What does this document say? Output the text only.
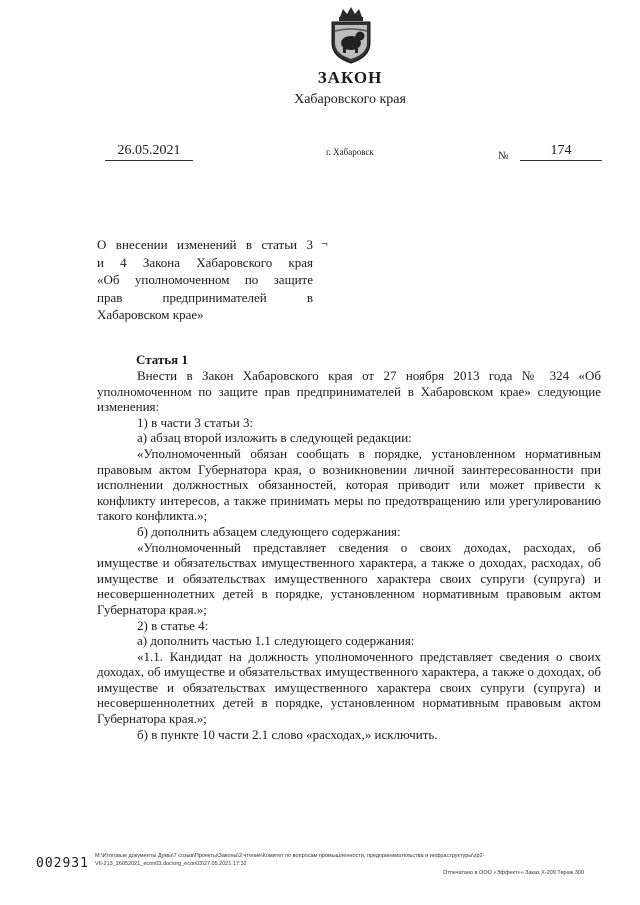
ЗАКОН
Хабаровского края
26.05.2021	г. Хабаровск	№	174
О внесении изменений в статьи 3
и 4 Закона Хабаровского края
«Об уполномоченном по защите
прав предпринимателей в
Хабаровском крае»
¬
Статья 1

Внести в Закон Хабаровского края от 27 ноября 2013 года № 324 «Об уполномоченном по защите прав предпринимателей в Хабаровском крае» следующие изменения:

1) в части 3 статьи 3:

а) абзац второй изложить в следующей редакции:

«Уполномоченный обязан сообщать в порядке, установленном нормативным правовым актом Губернатора края, о возникновении личной заинтересованности при исполнении должностных обязанностей, которая приводит или может привести к конфликту интересов, а также принимать меры по предотвращению или урегулированию такого конфликта.»;

б) дополнить абзацем следующего содержания:

«Уполномоченный представляет сведения о своих доходах, расходах, об имуществе и обязательствах имущественного характера, а также о доходах, расходах, об имуществе и обязательствах имущественного характера своих супруги (супруга) и несовершеннолетних детей в порядке, установленном нормативным правовым актом Губернатора края.»;

2) в статье 4:

а) дополнить частью 1.1 следующего содержания:

«1.1. Кандидат на должность уполномоченного представляет сведения о своих доходах, об имуществе и обязательствах имущественного характера, а также о доходах, об имуществе и обязательствах имущественного характера своих супруги (супруга) и несовершеннолетних детей в порядке, установленном нормативным правовым актом Губернатора края.»;

б) в пункте 10 части 2.1 слово «расходах,» исключить.

002931 M:\Итоговые документы Думы\7 созыв\Проекты\Законы\2 чтение\Комитет по вопросам промышленности, предпринимательства и инфраструктуры\zp2-
VII-213_26052021_econ03.doc\org_econ03\27.05.2021 17:32
Отпечатано в ООО «Эффект»» Заказ Х-209 Тираж 300
